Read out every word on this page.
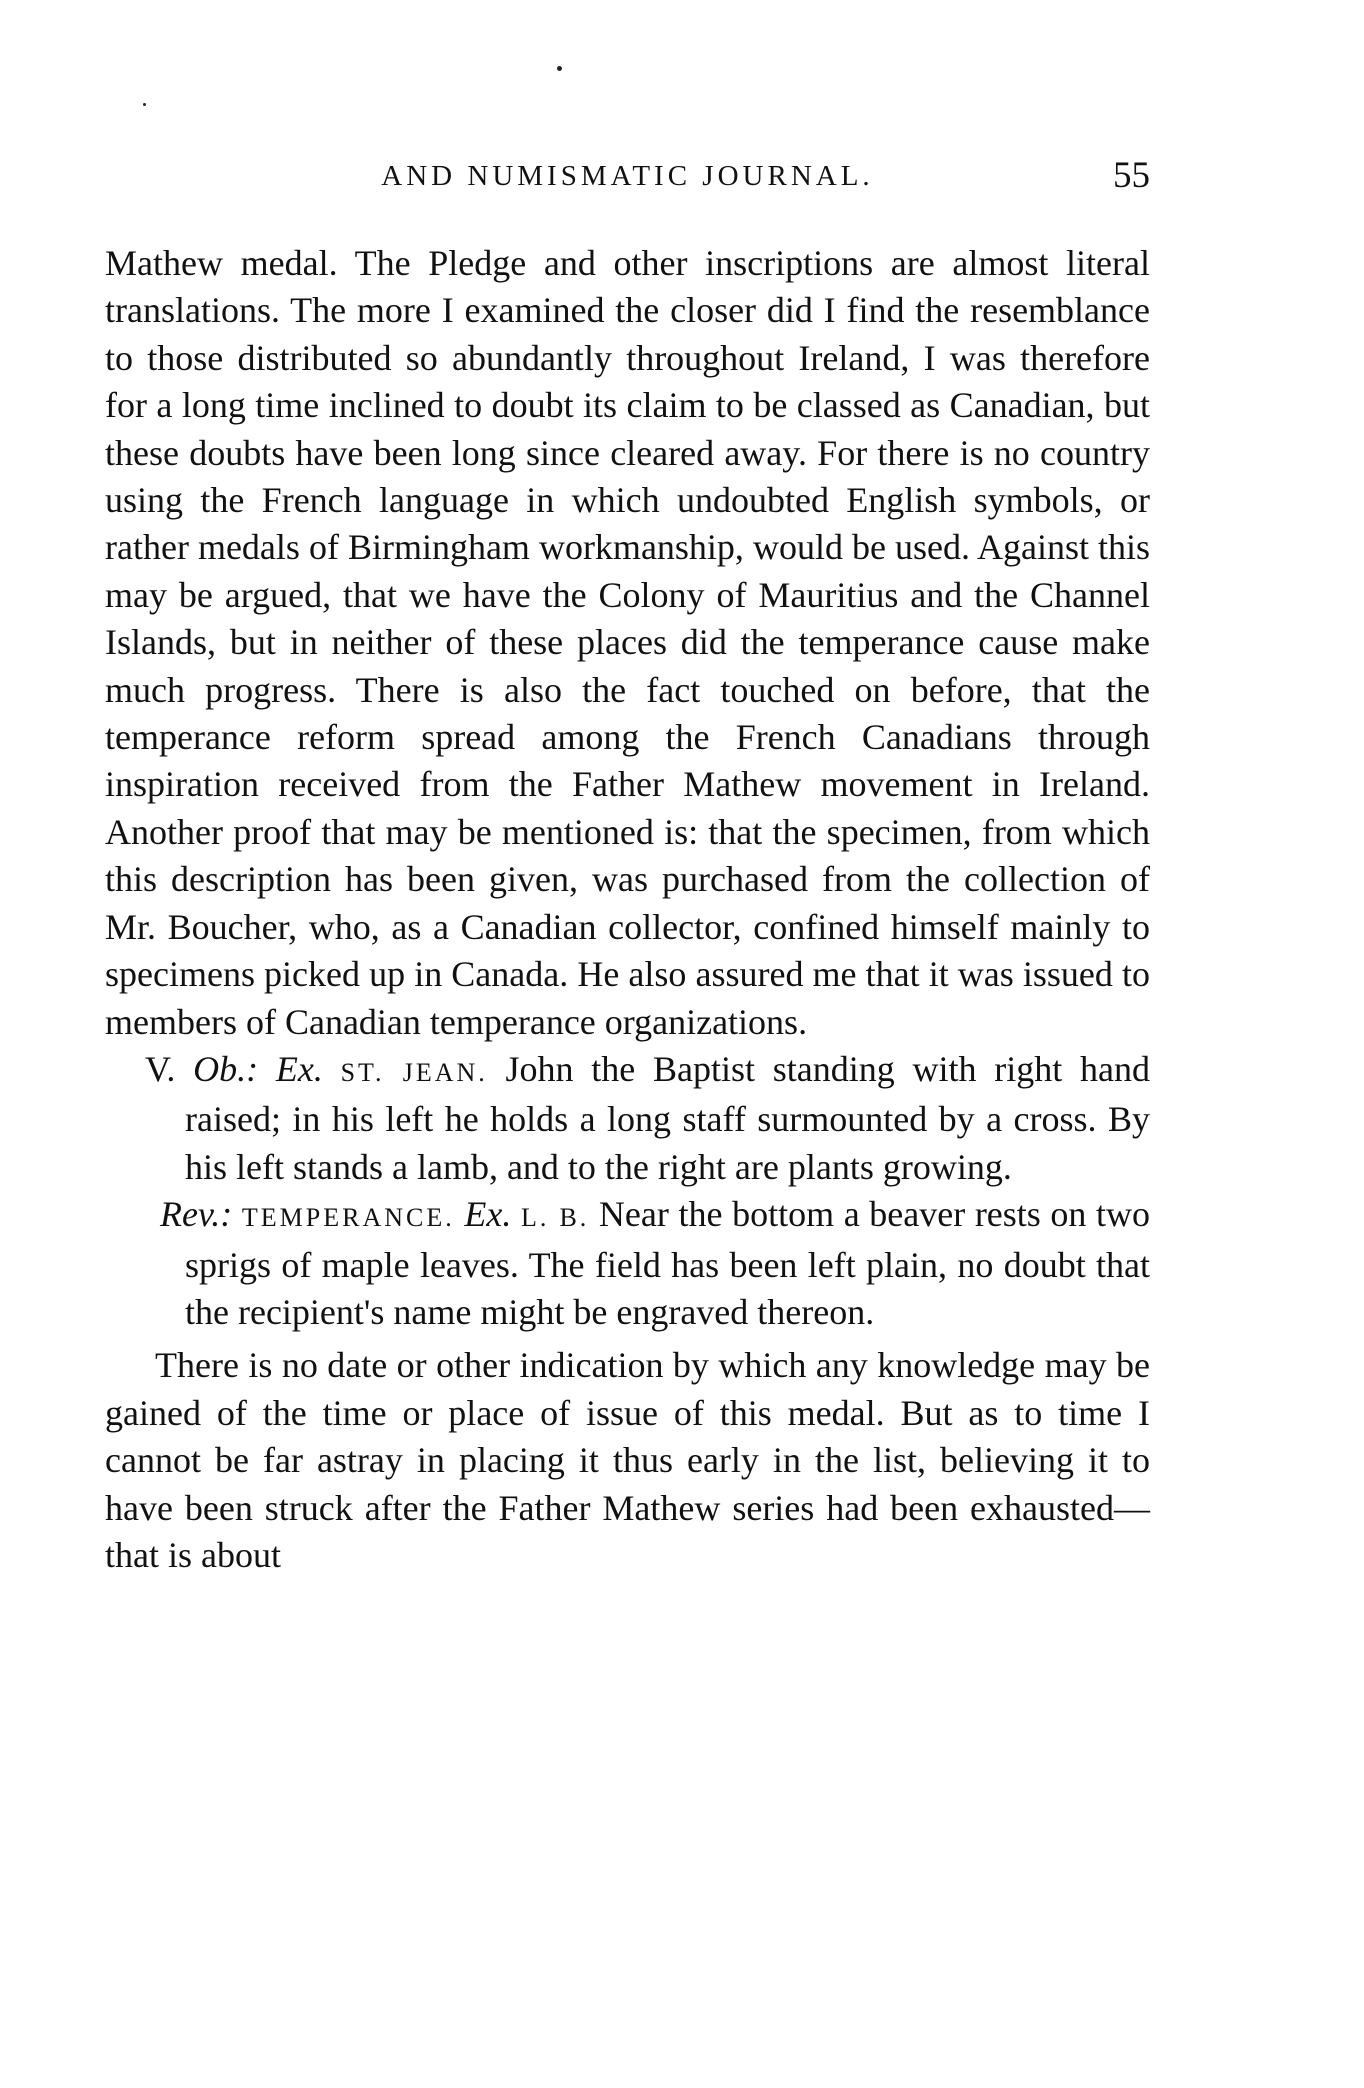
AND NUMISMATIC JOURNAL.	55

Mathew medal. The Pledge and other inscriptions are almost literal translations. The more I examined the closer did I find the resemblance to those distributed so abundantly throughout Ireland, I was therefore for a long time inclined to doubt its claim to be classed as Canadian, but these doubts have been long since cleared away. For there is no country using the French language in which undoubted English symbols, or rather medals of Birmingham workmanship, would be used. Against this may be argued, that we have the Colony of Mauritius and the Channel Islands, but in neither of these places did the temperance cause make much progress. There is also the fact touched on before, that the temperance reform spread among the French Canadians through inspiration received from the Father Mathew movement in Ireland. Another proof that may be mentioned is: that the specimen, from which this description has been given, was purchased from the collection of Mr. Boucher, who, as a Canadian collector, confined himself mainly to specimens picked up in Canada. He also assured me that it was issued to members of Canadian temperance organizations.

V. Ob.: Ex. ST. JEAN. John the Baptist standing with right hand raised; in his left he holds a long staff surmounted by a cross. By his left stands a lamb, and to the right are plants growing.

Rev.: TEMPERANCE. Ex. L. B. Near the bottom a beaver rests on two sprigs of maple leaves. The field has been left plain, no doubt that the recipient's name might be engraved thereon.

There is no date or other indication by which any knowledge may be gained of the time or place of issue of this medal. But as to time I cannot be far astray in placing it thus early in the list, believing it to have been struck after the Father Mathew series had been exhausted—that is about
